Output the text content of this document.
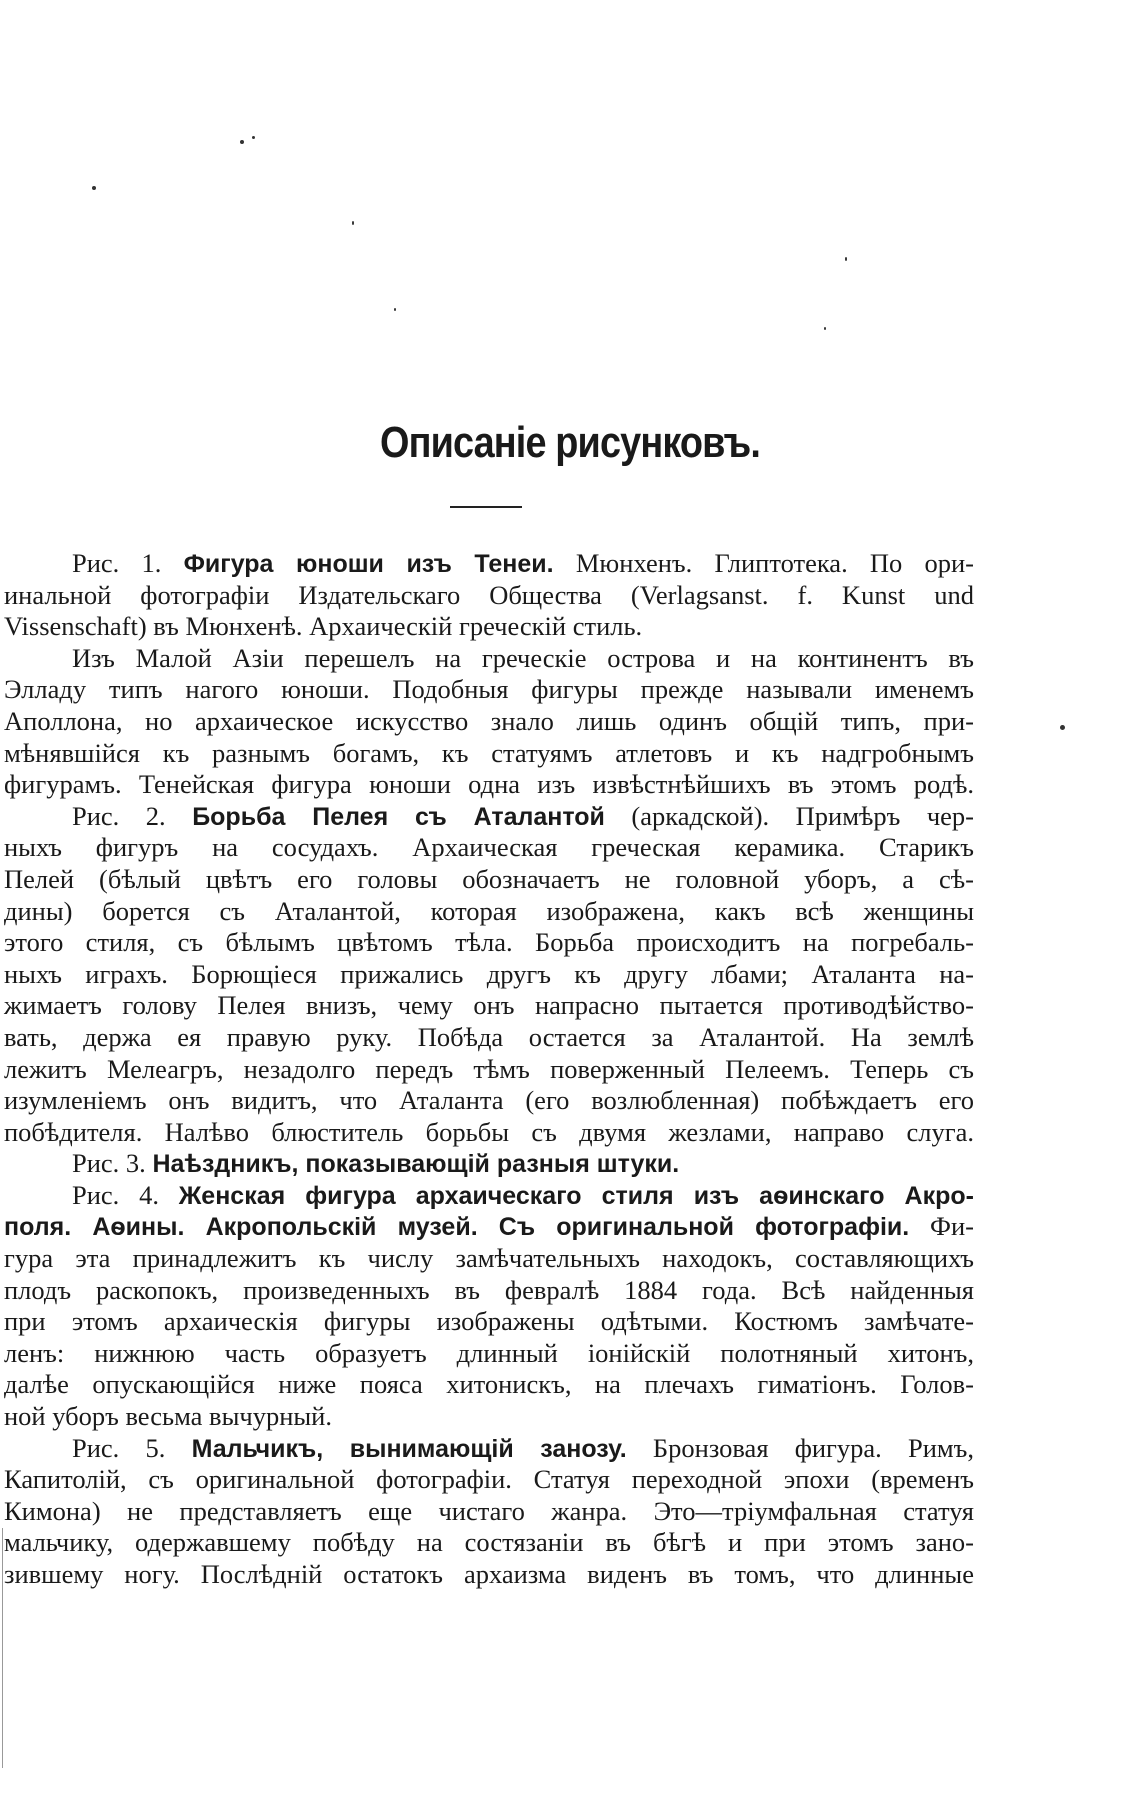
Описаніе рисунковъ.
Рис. 1. Фигура юноши изъ Тенеи. Мюнхенъ. Глиптотека. По ори-
инальной фотографіи Издательскаго Общества (Verlagsanst. f. Kunst und
Vissenschaft) въ Мюнхенѣ. Архаическій греческій стиль.
Изъ Малой Азіи перешелъ на греческіе острова и на континентъ въ
Элладу типъ нагого юноши. Подобныя фигуры прежде называли именемъ
Аполлона, но архаическое искусство знало лишь одинъ общій типъ, при-
мѣнявшійся къ разнымъ богамъ, къ статуямъ атлетовъ и къ надгробнымъ
фигурамъ. Тенейская фигура юноши одна изъ извѣстнѣйшихъ въ этомъ родѣ.
Рис. 2. Борьба Пелея съ Аталантой (аркадской). Примѣръ чер-
ныхъ фигуръ на сосудахъ. Архаическая греческая керамика. Старикъ
Пелей (бѣлый цвѣтъ его головы обозначаетъ не головной уборъ, а сѣ-
дины) борется съ Аталантой, которая изображена, какъ всѣ женщины
этого стиля, съ бѣлымъ цвѣтомъ тѣла. Борьба происходитъ на погребаль-
ныхъ играхъ. Борющіеся прижались другъ къ другу лбами; Аталанта на-
жимаетъ голову Пелея внизъ, чему онъ напрасно пытается противодѣйство-
вать, держа ея правую руку. Побѣда остается за Аталантой. На землѣ
лежитъ Мелеагръ, незадолго передъ тѣмъ поверженный Пелеемъ. Теперь съ
изумленіемъ онъ видитъ, что Аталанта (его возлюбленная) побѣждаетъ его
побѣдителя. Налѣво блюститель борьбы съ двумя жезлами, направо слуга.
Рис. 3. Наѣздникъ, показывающій разныя штуки.
Рис. 4. Женская фигура архаическаго стиля изъ аѳинскаго Акро-
поля. Аѳины. Акропольскій музей. Съ оригинальной фотографіи. Фи-
гура эта принадлежитъ къ числу замѣчательныхъ находокъ, составляющихъ
плодъ раскопокъ, произведенныхъ въ февралѣ 1884 года. Всѣ найденныя
при этомъ архаическія фигуры изображены одѣтыми. Костюмъ замѣчате-
ленъ: нижнюю часть образуетъ длинный іонійскій полотняный хитонъ,
далѣе опускающійся ниже пояса хитонискъ, на плечахъ гиматіонъ. Голов-
ной уборъ весьма вычурный.
Рис. 5. Мальчикъ, вынимающій занозу. Бронзовая фигура. Римъ,
Капитолій, съ оригинальной фотографіи. Статуя переходной эпохи (временъ
Кимона) не представляетъ еще чистаго жанра. Это—тріумфальная статуя
мальчику, одержавшему побѣду на состязаніи въ бѣгѣ и при этомъ зано-
зившему ногу. Послѣдній остатокъ архаизма виденъ въ томъ, что длинные
